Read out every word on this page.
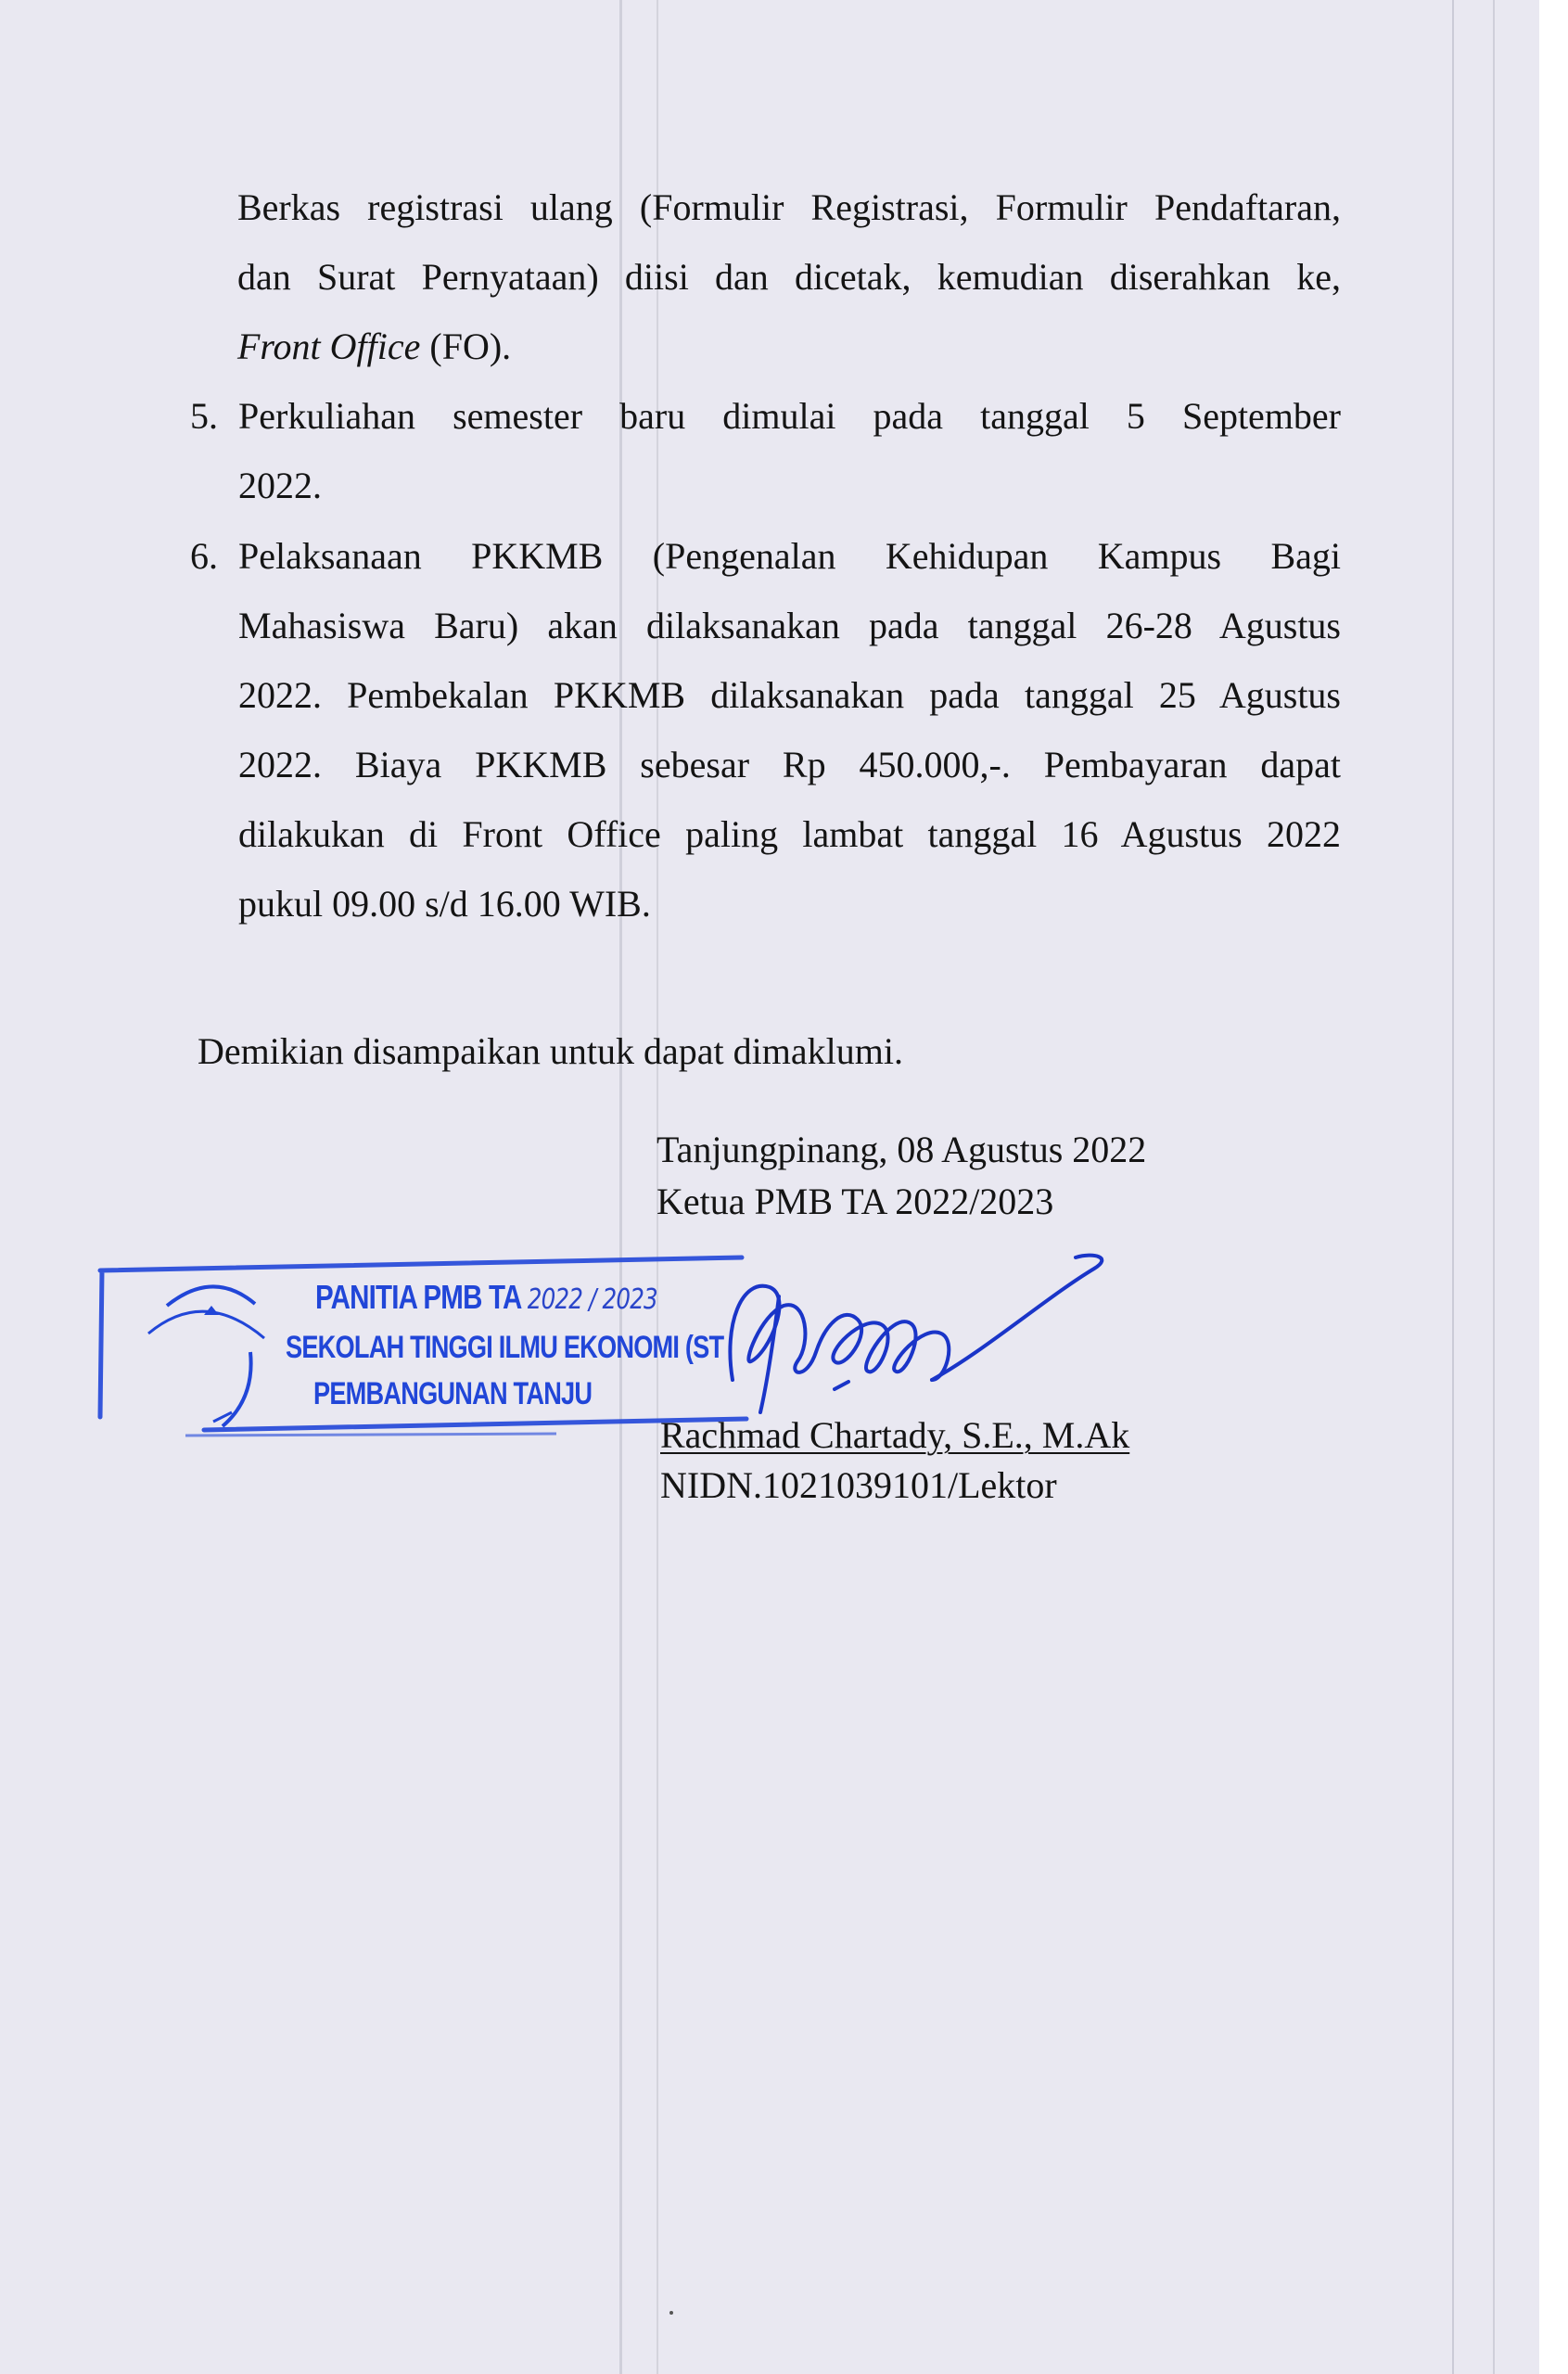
Berkas registrasi ulang (Formulir Registrasi, Formulir Pendaftaran,
dan Surat Pernyataan) diisi dan dicetak, kemudian diserahkan ke,
Front Office (FO).
5. Perkuliahan semester baru dimulai pada tanggal 5 September
2022.
6. Pelaksanaan PKKMB (Pengenalan Kehidupan Kampus Bagi
Mahasiswa Baru) akan dilaksanakan pada tanggal 26-28 Agustus
2022. Pembekalan PKKMB dilaksanakan pada tanggal 25 Agustus
2022. Biaya PKKMB sebesar Rp 450.000,-. Pembayaran dapat
dilakukan di Front Office paling lambat tanggal 16 Agustus 2022
pukul 09.00 s/d 16.00 WIB.
Demikian disampaikan untuk dapat dimaklumi.
Tanjungpinang, 08 Agustus 2022
Ketua PMB TA 2022/2023
PANITIA PMB TA 2022 / 2023
SEKOLAH TINGGI ILMU EKONOMI (ST
PEMBANGUNAN TANJU
Rachmad Chartady, S.E., M.Ak
NIDN.1021039101/Lektor
